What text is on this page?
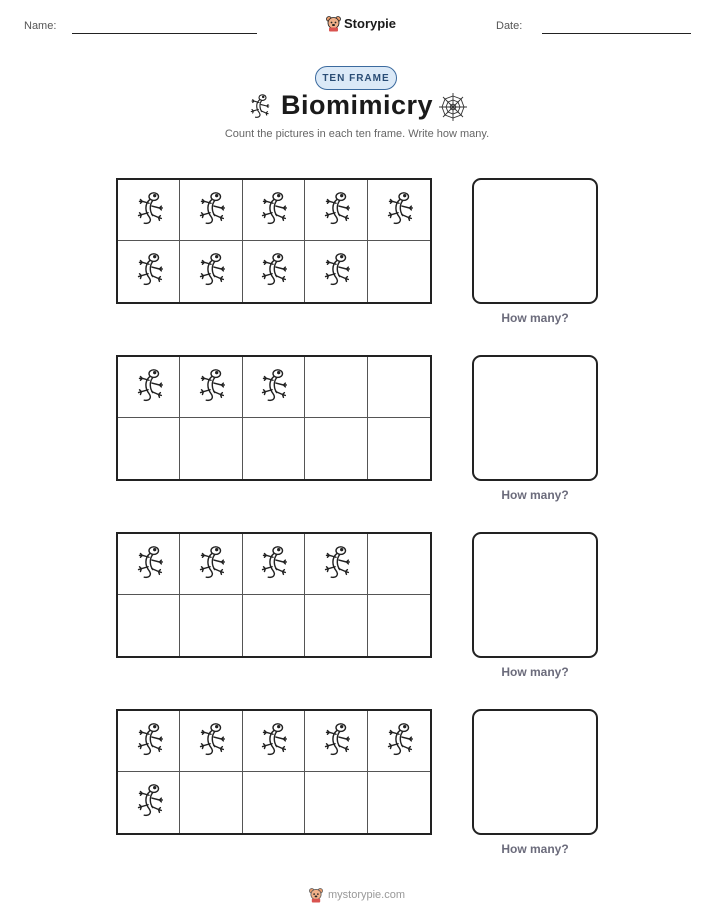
Name:	Storypie	Date:
TEN FRAME
Biomimicry
Count the pictures in each ten frame. Write how many.
How many?
How many?
How many?
How many?
mystorypie.com
